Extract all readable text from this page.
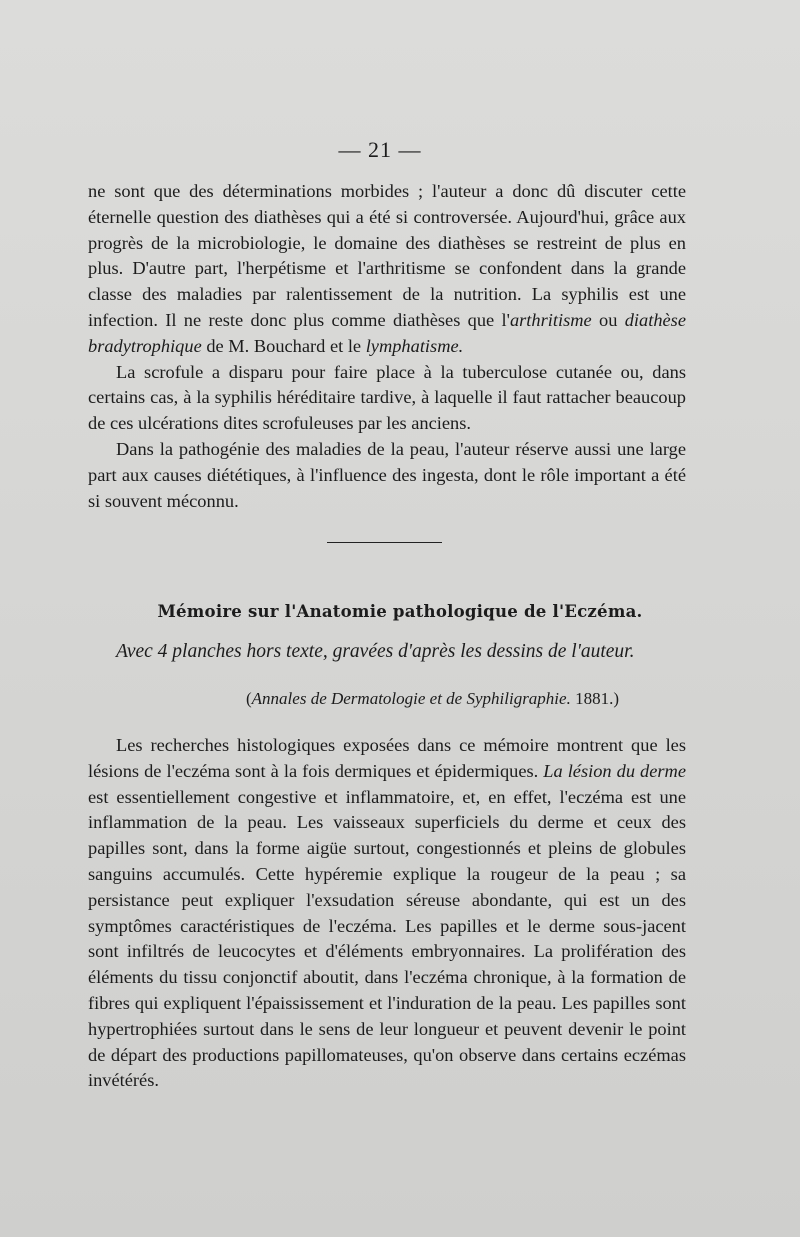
— 21 —

ne sont que des déterminations morbides ; l'auteur a donc dû discuter cette éternelle question des diathèses qui a été si controversée. Aujourd'hui, grâce aux progrès de la microbiologie, le domaine des diathèses se restreint de plus en plus. D'autre part, l'herpétisme et l'arthritisme se confondent dans la grande classe des maladies par ralentissement de la nutrition. La syphilis est une infection. Il ne reste donc plus comme diathèses que l'arthritisme ou diathèse bradytrophique de M. Bouchard et le lymphatisme.

La scrofule a disparu pour faire place à la tuberculose cutanée ou, dans certains cas, à la syphilis héréditaire tardive, à laquelle il faut rattacher beaucoup de ces ulcérations dites scrofuleuses par les anciens.

Dans la pathogénie des maladies de la peau, l'auteur réserve aussi une large part aux causes diététiques, à l'influence des ingesta, dont le rôle important a été si souvent méconnu.

Mémoire sur l'Anatomie pathologique de l'Eczéma.
Avec 4 planches hors texte, gravées d'après les dessins de l'auteur.
(Annales de Dermatologie et de Syphiligraphie. 1881.)

Les recherches histologiques exposées dans ce mémoire montrent que les lésions de l'eczéma sont à la fois dermiques et épidermiques. La lésion du derme est essentiellement congestive et inflammatoire, et, en effet, l'eczéma est une inflammation de la peau. Les vaisseaux superficiels du derme et ceux des papilles sont, dans la forme aigüe surtout, congestionnés et pleins de globules sanguins accumulés. Cette hypéremie explique la rougeur de la peau ; sa persistance peut expliquer l'exsudation séreuse abondante, qui est un des symptômes caractéristiques de l'eczéma. Les papilles et le derme sous-jacent sont infiltrés de leucocytes et d'éléments embryonnaires. La prolifération des éléments du tissu conjonctif aboutit, dans l'eczéma chronique, à la formation de fibres qui expliquent l'épaississement et l'induration de la peau. Les papilles sont hypertrophiées surtout dans le sens de leur longueur et peuvent devenir le point de départ des productions papillomateuses, qu'on observe dans certains eczémas invétérés.
